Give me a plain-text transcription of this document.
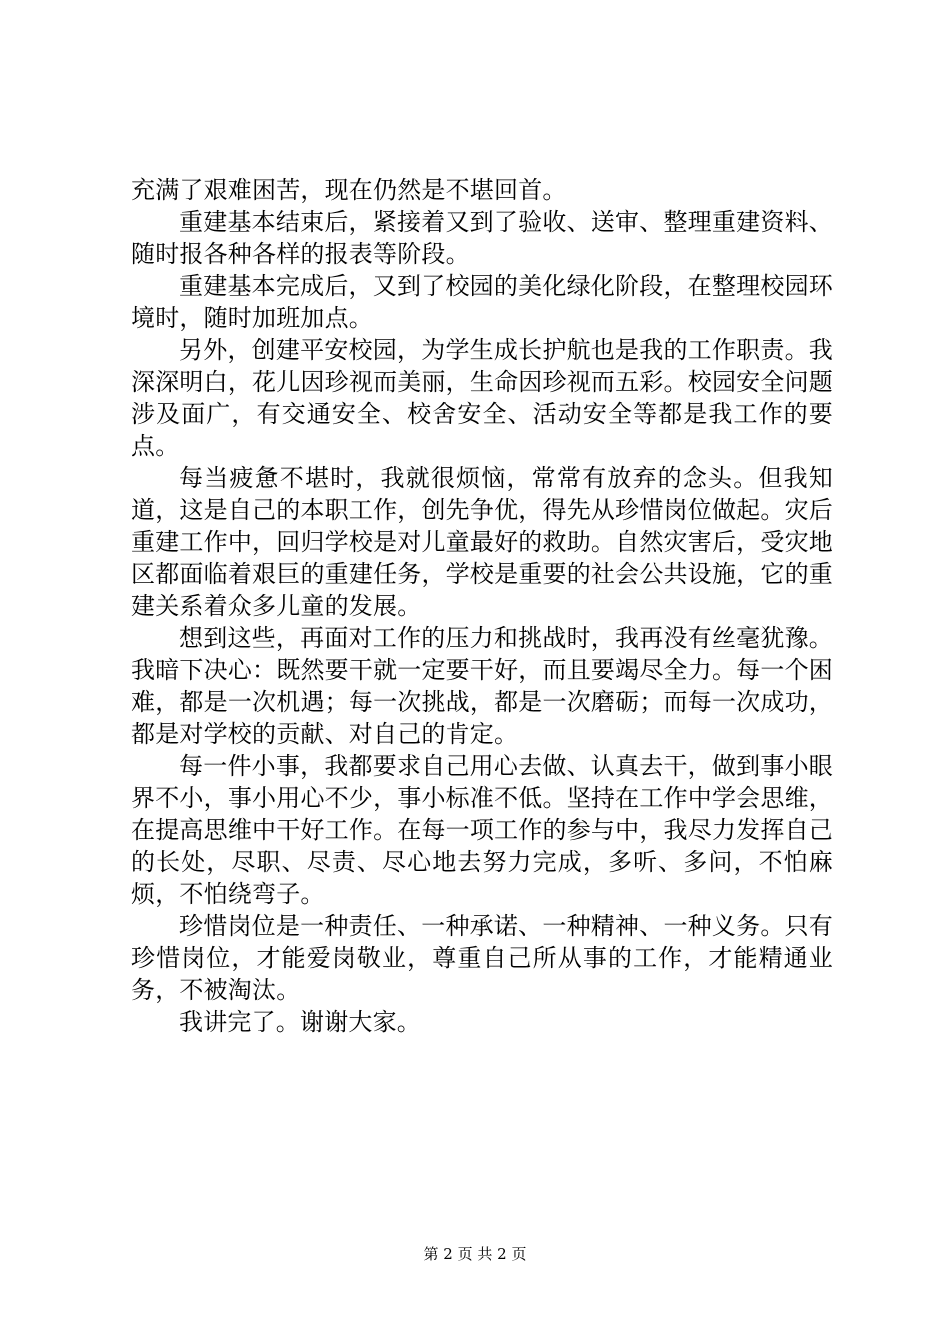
充满了艰难困苦，现在仍然是不堪回首。

重建基本结束后，紧接着又到了验收、送审、整理重建资料、随时报各种各样的报表等阶段。

重建基本完成后，又到了校园的美化绿化阶段，在整理校园环境时，随时加班加点。

另外，创建平安校园，为学生成长护航也是我的工作职责。我深深明白，花儿因珍视而美丽，生命因珍视而五彩。校园安全问题涉及面广，有交通安全、校舍安全、活动安全等都是我工作的要点。

每当疲惫不堪时，我就很烦恼，常常有放弃的念头。但我知道，这是自己的本职工作，创先争优，得先从珍惜岗位做起。灾后重建工作中，回归学校是对儿童最好的救助。自然灾害后，受灾地区都面临着艰巨的重建任务，学校是重要的社会公共设施，它的重建关系着众多儿童的发展。

想到这些，再面对工作的压力和挑战时，我再没有丝毫犹豫。我暗下决心：既然要干就一定要干好，而且要竭尽全力。每一个困难，都是一次机遇；每一次挑战，都是一次磨砺；而每一次成功，都是对学校的贡献、对自己的肯定。

每一件小事，我都要求自己用心去做、认真去干，做到事小眼界不小，事小用心不少，事小标准不低。坚持在工作中学会思维，在提高思维中干好工作。在每一项工作的参与中，我尽力发挥自己的长处，尽职、尽责、尽心地去努力完成，多听、多问，不怕麻烦，不怕绕弯子。

珍惜岗位是一种责任、一种承诺、一种精神、一种义务。只有珍惜岗位，才能爱岗敬业，尊重自己所从事的工作，才能精通业务，不被淘汰。

我讲完了。谢谢大家。

第 2 页 共 2 页
